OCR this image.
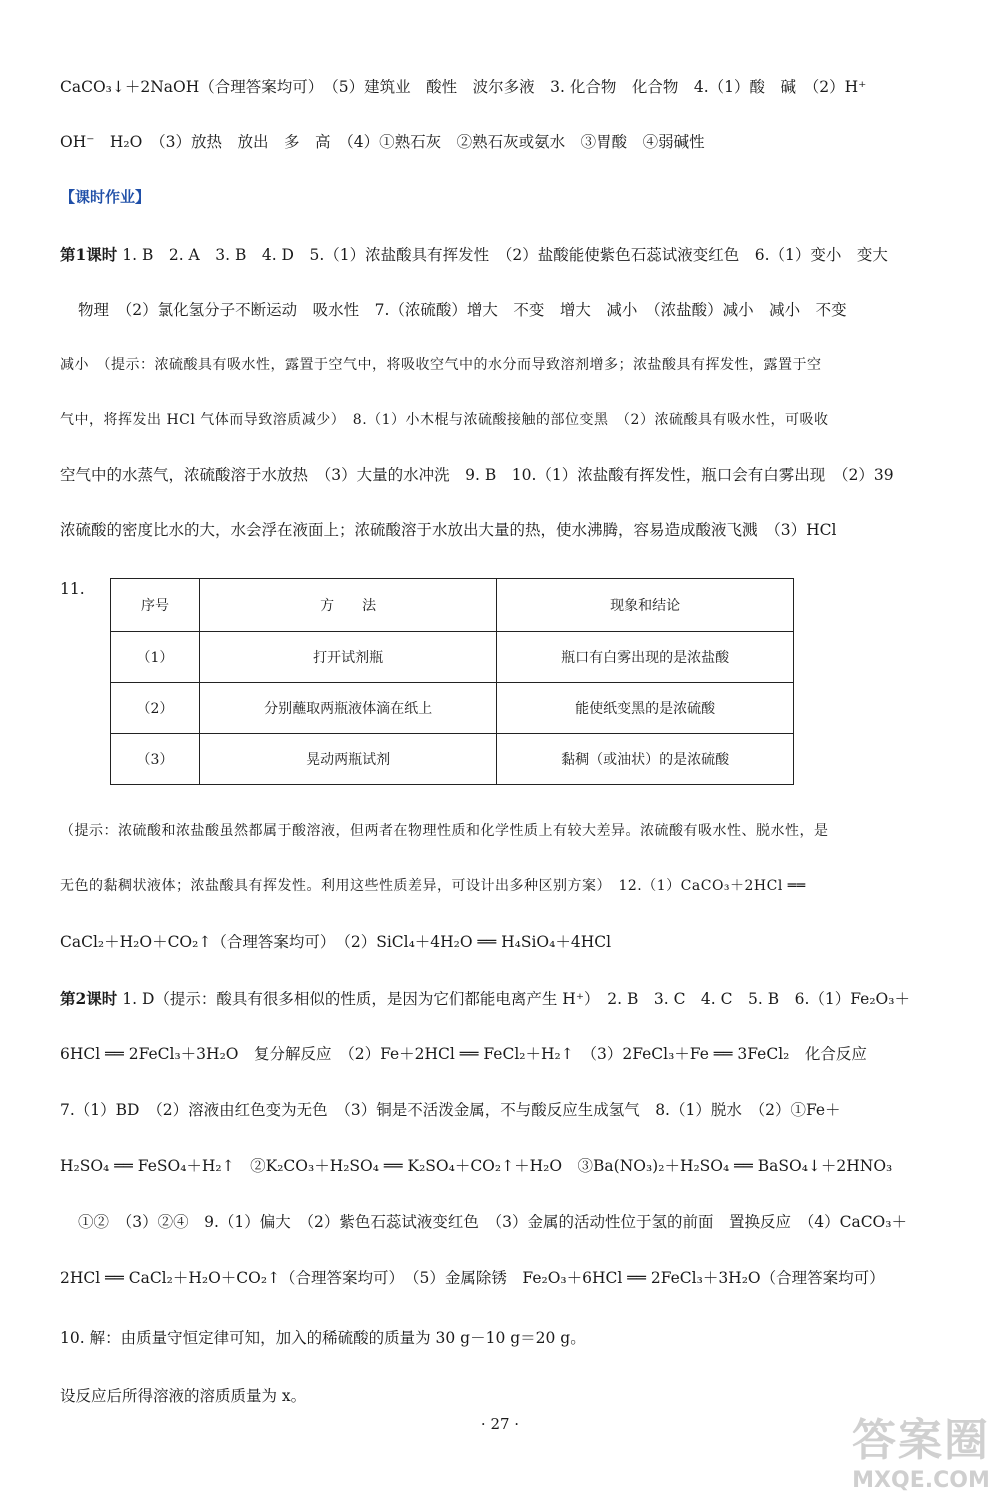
CaCO₃↓＋2NaOH（合理答案均可）　（5）建筑业　酸性　波尔多液　3. 化合物　化合物　4.（1）酸　碱　（2）H⁺
OH⁻　H₂O　（3）放热　放出　多　高　（4）①熟石灰　②熟石灰或氨水　③胃酸　④弱碱性
【课时作业】
第1课时 1. B　2. A　3. B　4. D　5.（1）浓盐酸具有挥发性　（2）盐酸能使紫色石蕊试液变红色　6.（1）变小　变大
物理　（2）氯化氢分子不断运动　吸水性　7.（浓硫酸）增大　不变　增大　减小　（浓盐酸）减小　减小　不变
减小　（提示：浓硫酸具有吸水性，露置于空气中，将吸收空气中的水分而导致溶剂增多；浓盐酸具有挥发性，露置于空
气中，将挥发出 HCl 气体而导致溶质减少）　8.（1）小木棍与浓硫酸接触的部位变黑　（2）浓硫酸具有吸水性，可吸收
空气中的水蒸气，浓硫酸溶于水放热　（3）大量的水冲洗　9. B　10.（1）浓盐酸有挥发性，瓶口会有白雾出现　（2）39
浓硫酸的密度比水的大，水会浮在液面上；浓硫酸溶于水放出大量的热，使水沸腾，容易造成酸液飞溅　（3）HCl
11.
序号	方　　法	现象和结论
（1）	打开试剂瓶	瓶口有白雾出现的是浓盐酸
（2）	分别蘸取两瓶液体滴在纸上	能使纸变黑的是浓硫酸
（3）	晃动两瓶试剂	黏稠（或油状）的是浓硫酸
（提示：浓硫酸和浓盐酸虽然都属于酸溶液，但两者在物理性质和化学性质上有较大差异。浓硫酸有吸水性、脱水性，是
无色的黏稠状液体；浓盐酸具有挥发性。利用这些性质差异，可设计出多种区别方案）　12.（1）CaCO₃＋2HCl ══
CaCl₂＋H₂O＋CO₂↑（合理答案均可）　（2）SiCl₄＋4H₂O ══ H₄SiO₄＋4HCl
第2课时 1. D（提示：酸具有很多相似的性质，是因为它们都能电离产生 H⁺）　2. B　3. C　4. C　5. B　6.（1）Fe₂O₃＋
6HCl ══ 2FeCl₃＋3H₂O　复分解反应　（2）Fe＋2HCl ══ FeCl₂＋H₂↑　（3）2FeCl₃＋Fe ══ 3FeCl₂　化合反应
7.（1）BD　（2）溶液由红色变为无色　（3）铜是不活泼金属，不与酸反应生成氢气　8.（1）脱水　（2）①Fe＋
H₂SO₄ ══ FeSO₄＋H₂↑　②K₂CO₃＋H₂SO₄ ══ K₂SO₄＋CO₂↑＋H₂O　③Ba(NO₃)₂＋H₂SO₄ ══ BaSO₄↓＋2HNO₃
①②　（3）②④　9.（1）偏大　（2）紫色石蕊试液变红色　（3）金属的活动性位于氢的前面　置换反应　（4）CaCO₃＋
2HCl ══ CaCl₂＋H₂O＋CO₂↑（合理答案均可）　（5）金属除锈　Fe₂O₃＋6HCl ══ 2FeCl₃＋3H₂O（合理答案均可）
10. 解：由质量守恒定律可知，加入的稀硫酸的质量为 30 g－10 g＝20 g。
设反应后所得溶液的溶质质量为 x。
· 27 ·	答案圈
MXQE.COM
